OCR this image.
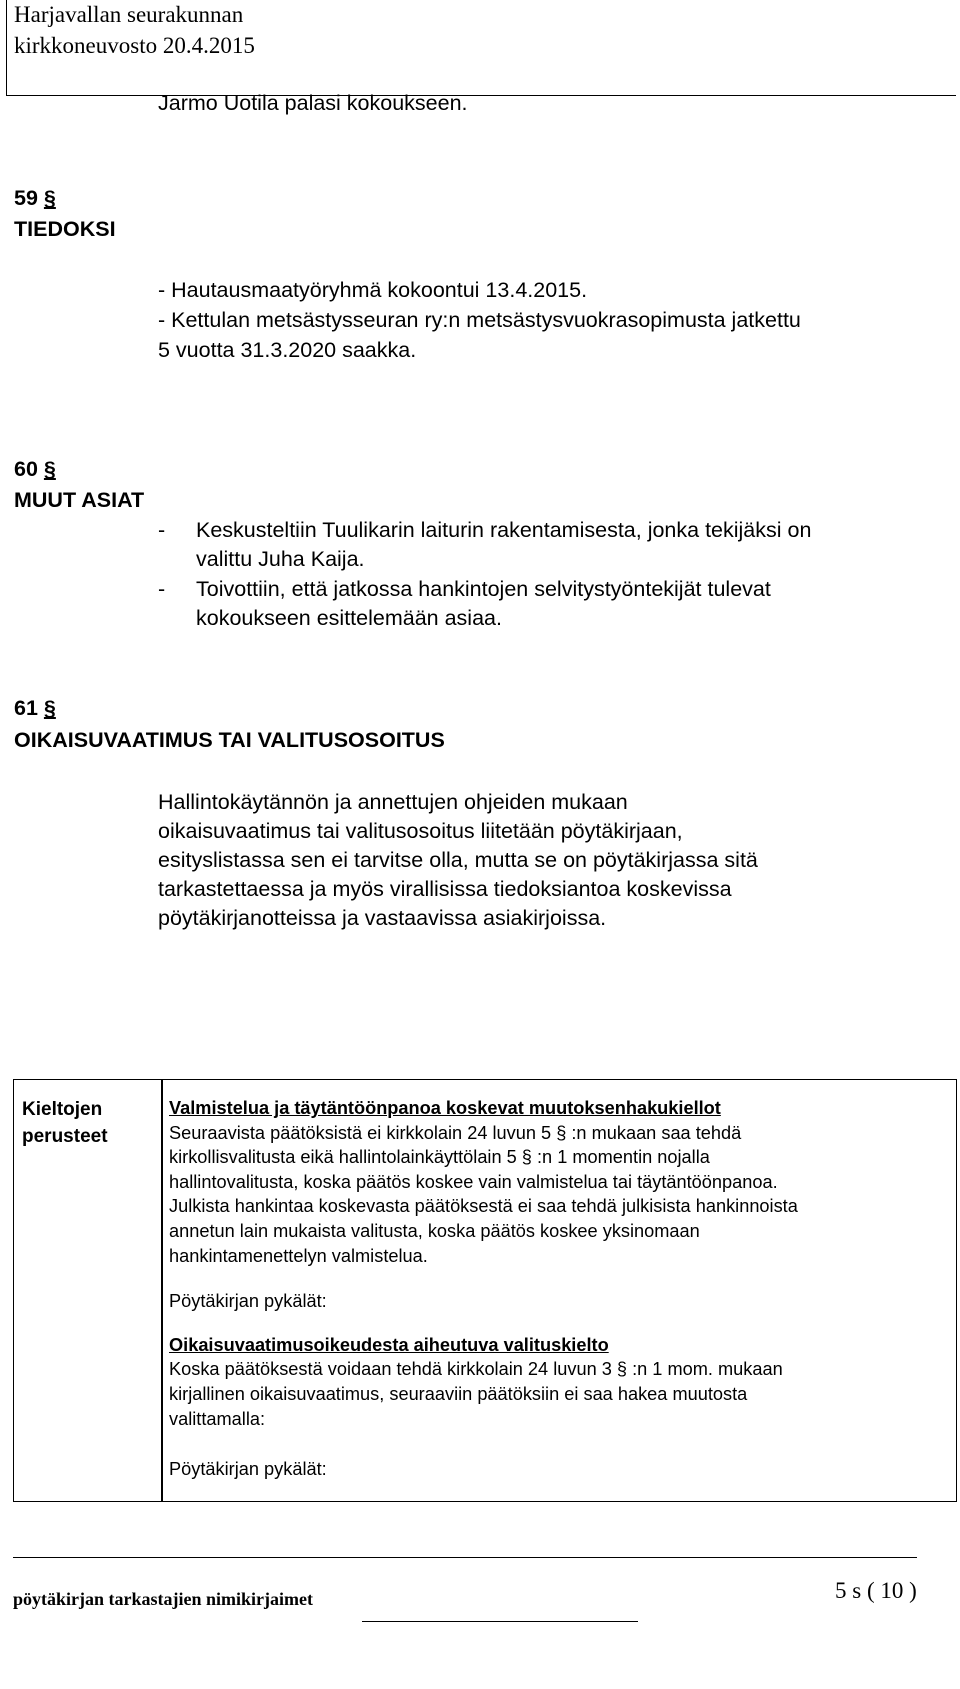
Harjavallan seurakunnan
kirkkoneuvosto 20.4.2015
Jarmo Uotila palasi kokoukseen.
59 §
TIEDOKSI
- Hautausmaatyöryhmä kokoontui 13.4.2015.
- Kettulan metsästysseuran ry:n metsästysvuokrasopimusta jatkettu
5 vuotta 31.3.2020 saakka.
60 §
MUUT ASIAT
- Keskusteltiin Tuulikarin laiturin rakentamisesta, jonka tekijäksi on
valittu Juha Kaija.
- Toivottiin, että jatkossa hankintojen selvitystyöntekijät tulevat
kokoukseen esittelemään asiaa.
61 §
OIKAISUVAATIMUS TAI VALITUSOSOITUS
Hallintokäytännön ja annettujen ohjeiden mukaan
oikaisuvaatimus tai valitusosoitus liitetään pöytäkirjaan,
esityslistassa sen ei tarvitse olla, mutta se on pöytäkirjassa sitä
tarkastettaessa ja myös virallisissa tiedoksiantoa koskevissa
pöytäkirjanotteissa ja vastaavissa asiakirjoissa.
Kieltojen
perusteet
Valmistelua ja täytäntöönpanoa koskevat muutoksenhakukiellot
Seuraavista päätöksistä ei kirkkolain 24 luvun 5 § :n mukaan saa tehdä
kirkollisvalitusta eikä hallintolainkäyttölain 5 § :n 1 momentin nojalla
hallintovalitusta, koska päätös koskee vain valmistelua tai täytäntöönpanoa.
Julkista hankintaa koskevasta päätöksestä ei saa tehdä julkisista hankinnoista
annetun lain mukaista valitusta, koska päätös koskee yksinomaan
hankintamenettelyn valmistelua.
Pöytäkirjan pykälät:
Oikaisuvaatimusoikeudesta aiheutuva valituskielto
Koska päätöksestä voidaan tehdä kirkkolain 24 luvun 3 § :n 1 mom. mukaan
kirjallinen oikaisuvaatimus, seuraaviin päätöksiin ei saa hakea muutosta
valittamalla:
Pöytäkirjan pykälät:
pöytäkirjan tarkastajien nimikirjaimet	5 s ( 10 )
